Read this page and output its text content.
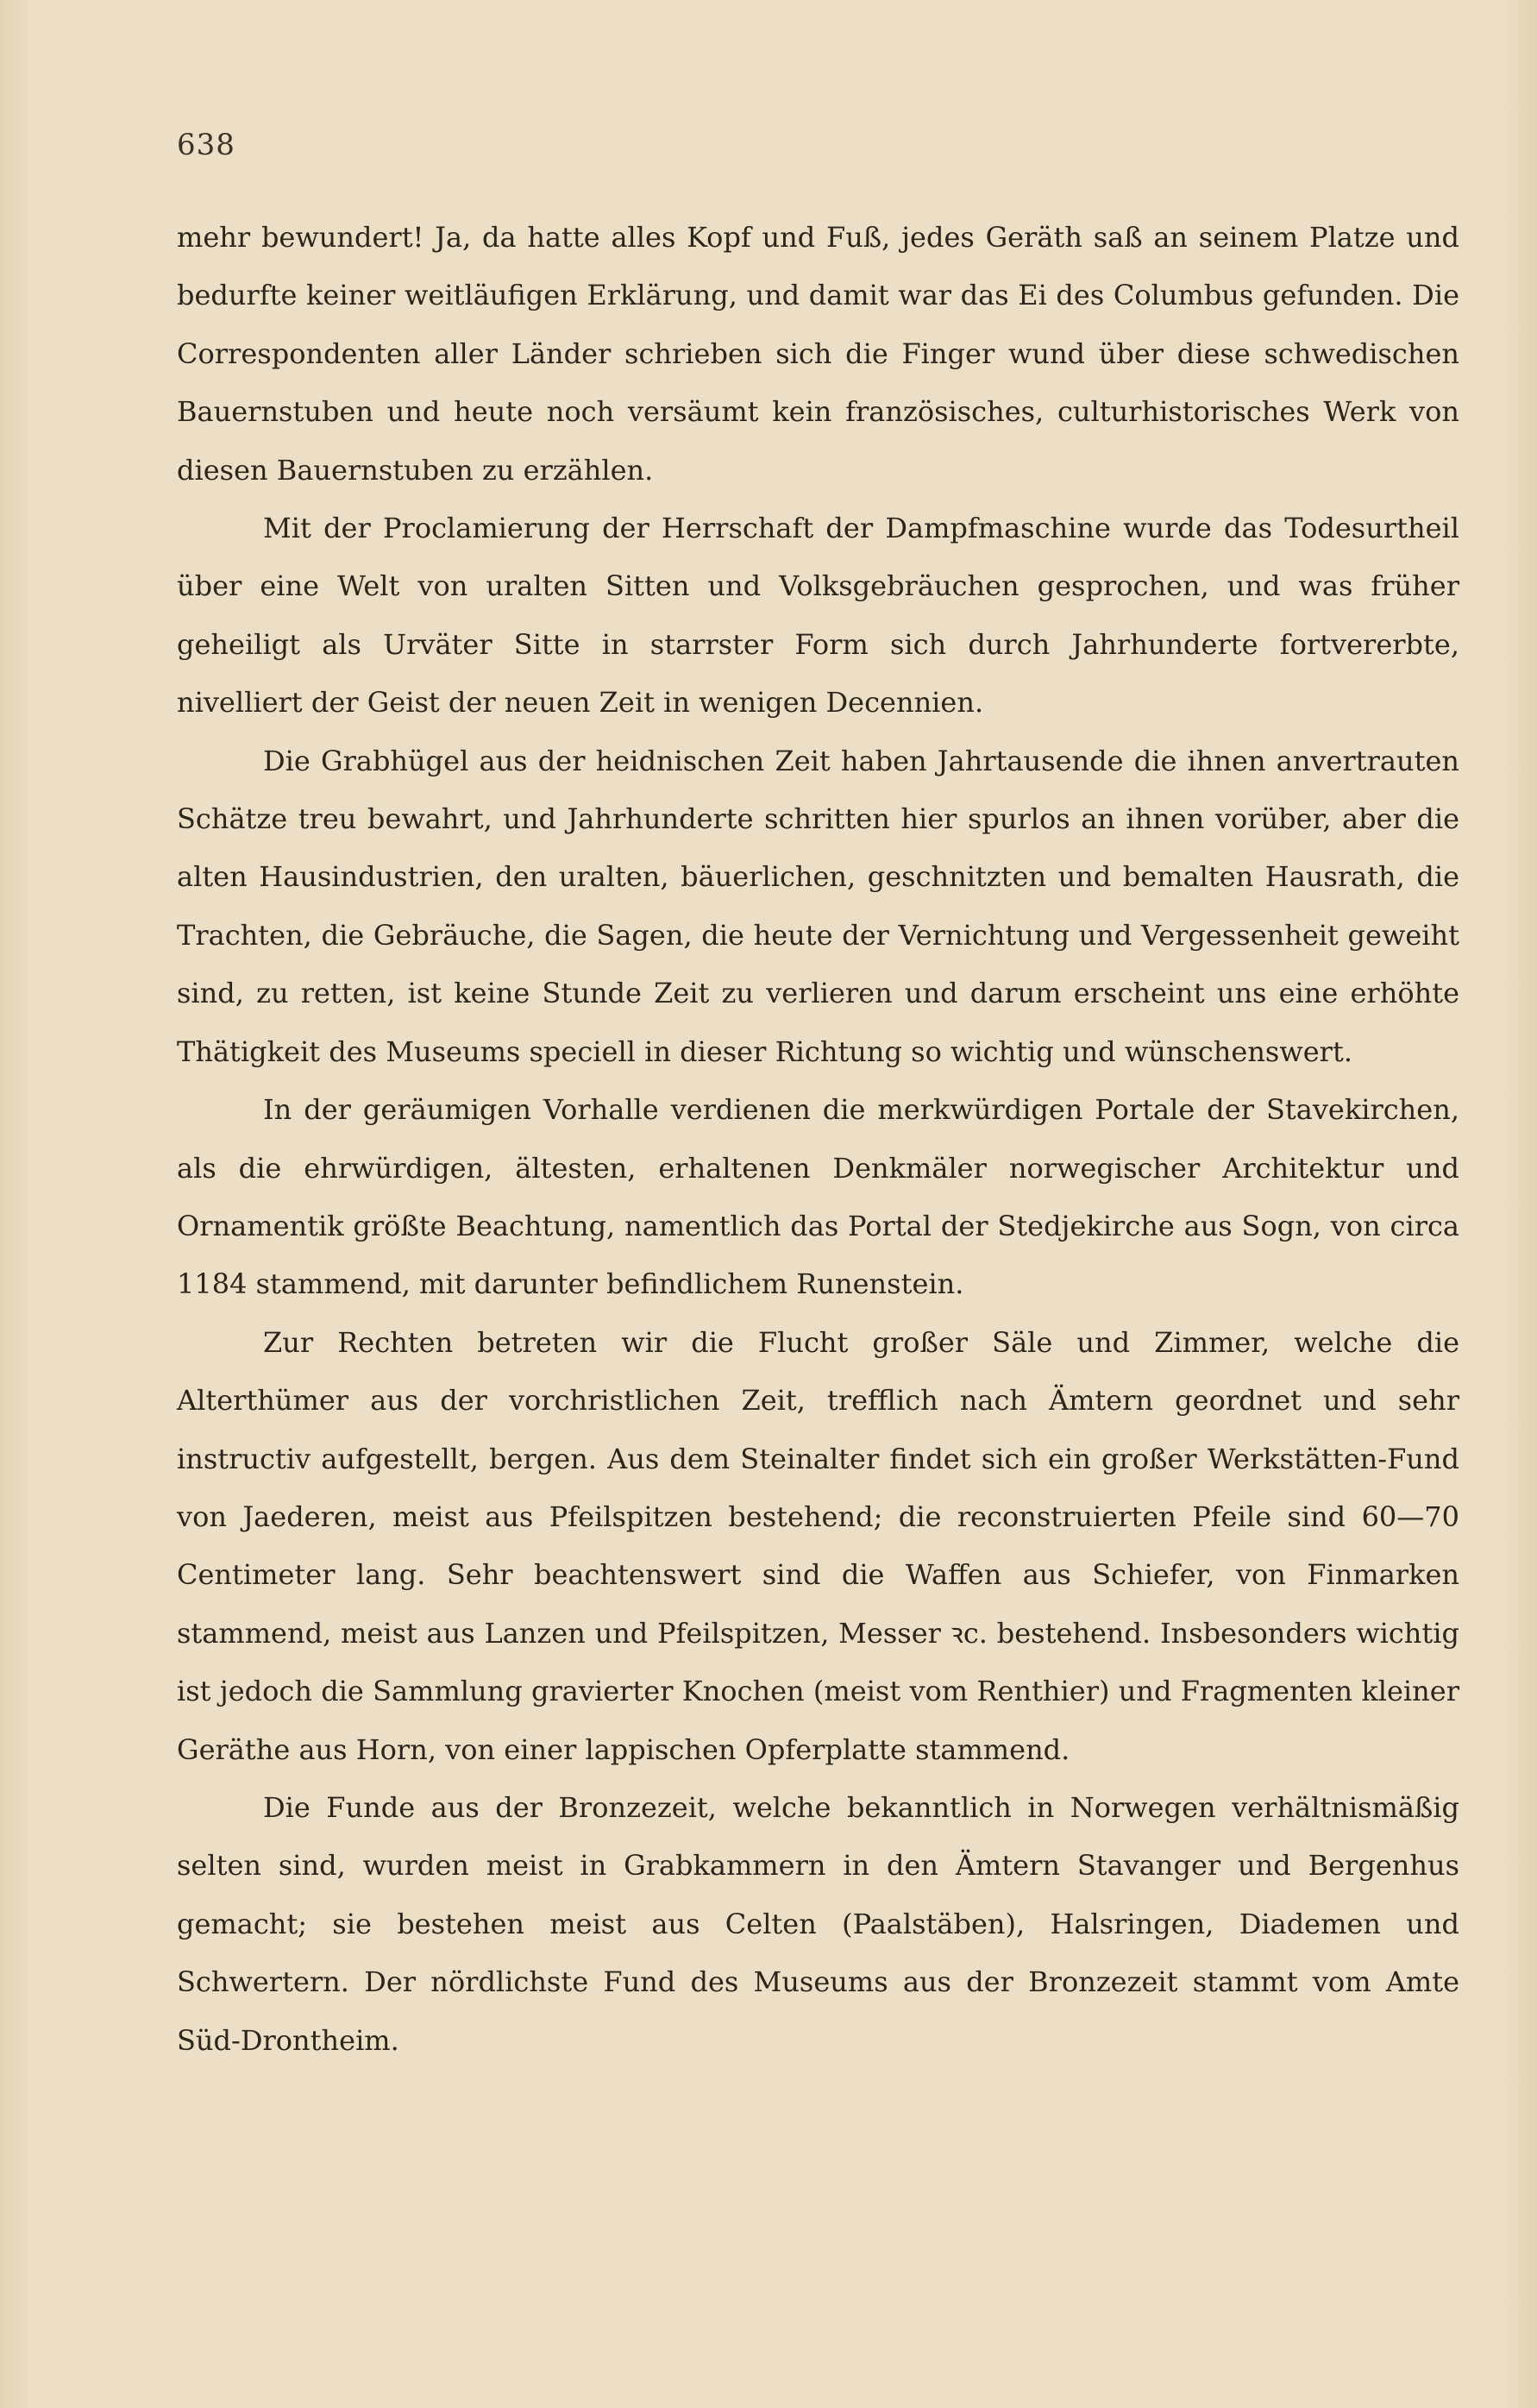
638

mehr bewundert! Ja, da hatte alles Kopf und Fuß, jedes Geräth saß an seinem Platze und bedurfte keiner weitläufigen Erklärung, und damit war das Ei des Columbus gefunden. Die Correspondenten aller Länder schrieben sich die Finger wund über diese schwedischen Bauernstuben und heute noch versäumt kein französisches, culturhistorisches Werk von diesen Bauernstuben zu erzählen.

Mit der Proclamierung der Herrschaft der Dampfmaschine wurde das Todesurtheil über eine Welt von uralten Sitten und Volksgebräuchen gesprochen, und was früher geheiligt als Urväter Sitte in starrster Form sich durch Jahrhunderte fortvererbte, nivelliert der Geist der neuen Zeit in wenigen Decennien.

Die Grabhügel aus der heidnischen Zeit haben Jahrtausende die ihnen anvertrauten Schätze treu bewahrt, und Jahrhunderte schritten hier spurlos an ihnen vorüber, aber die alten Hausindustrien, den uralten, bäuerlichen, geschnitzten und bemalten Hausrath, die Trachten, die Gebräuche, die Sagen, die heute der Vernichtung und Vergessenheit geweiht sind, zu retten, ist keine Stunde Zeit zu verlieren und darum erscheint uns eine erhöhte Thätigkeit des Museums speciell in dieser Richtung so wichtig und wünschenswert.

In der geräumigen Vorhalle verdienen die merkwürdigen Portale der Stavekirchen, als die ehrwürdigen, ältesten, erhaltenen Denkmäler norwegischer Architektur und Ornamentik größte Beachtung, namentlich das Portal der Stedjekirche aus Sogn, von circa 1184 stammend, mit darunter befindlichem Runenstein.

Zur Rechten betreten wir die Flucht großer Säle und Zimmer, welche die Alterthümer aus der vorchristlichen Zeit, trefflich nach Ämtern geordnet und sehr instructiv aufgestellt, bergen. Aus dem Steinalter findet sich ein großer Werkstätten-Fund von Jaederen, meist aus Pfeilspitzen bestehend; die reconstruierten Pfeile sind 60—70 Centimeter lang. Sehr beachtenswert sind die Waffen aus Schiefer, von Finmarken stammend, meist aus Lanzen und Pfeilspitzen, Messer ꝛc. bestehend. Insbesonders wichtig ist jedoch die Sammlung gravierter Knochen (meist vom Renthier) und Fragmenten kleiner Geräthe aus Horn, von einer lappischen Opferplatte stammend.

Die Funde aus der Bronzezeit, welche bekanntlich in Norwegen verhältnismäßig selten sind, wurden meist in Grabkammern in den Ämtern Stavanger und Bergenhus gemacht; sie bestehen meist aus Celten (Paalstäben), Halsringen, Diademen und Schwertern. Der nördlichste Fund des Museums aus der Bronzezeit stammt vom Amte Süd-Drontheim.
